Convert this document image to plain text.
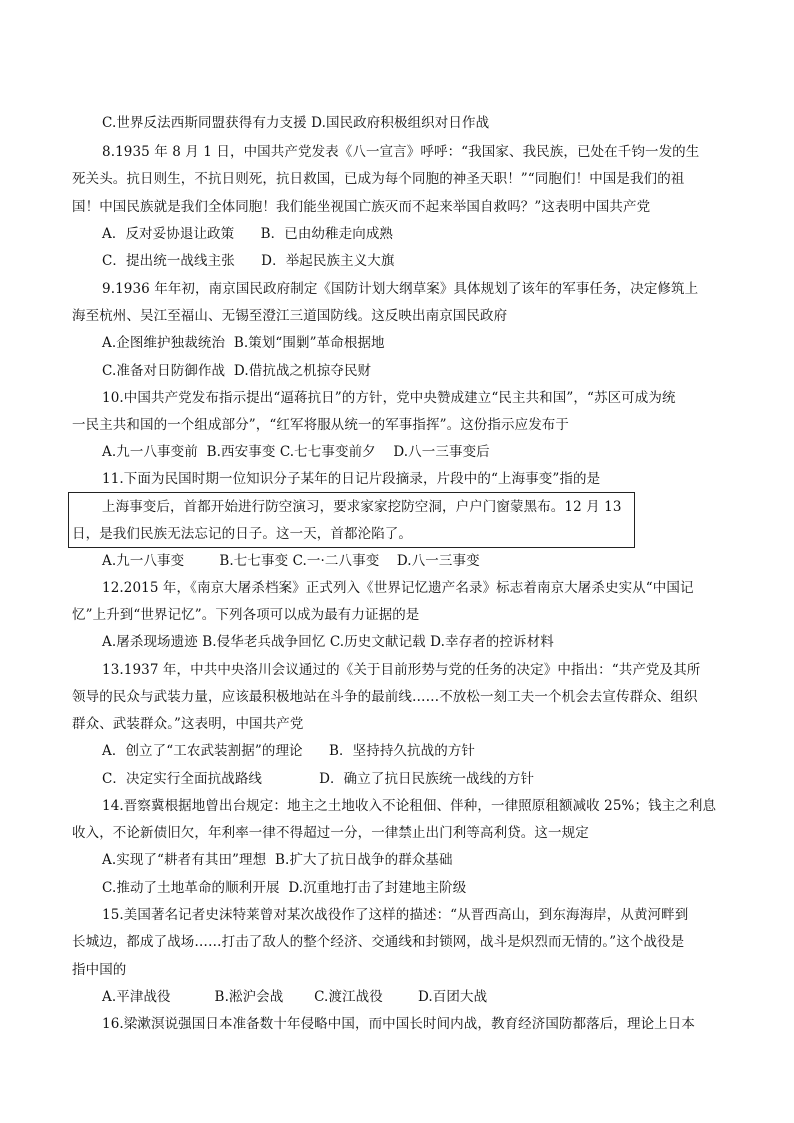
C.世界反法西斯同盟获得有力支援 D.国民政府积极组织对日作战
8.1935 年 8 月 1 日，中国共产党发表《八一宣言》呼呼：“我国家、我民族，已处在千钧一发的生
死关头。抗日则生，不抗日则死，抗日救国，已成为每个同胞的神圣天职！”“同胞们！中国是我们的祖
国！中国民族就是我们全体同胞！我们能坐视国亡族灭而不起来举国自救吗？”这表明中国共产党
A．反对妥协退让政策      B．已由幼稚走向成熟
C．提出统一战线主张      D．举起民族主义大旗
9.1936 年年初，南京国民政府制定《国防计划大纲草案》具体规划了该年的军事任务，决定修筑上
海至杭州、吴江至福山、无锡至澄江三道国防线。这反映出南京国民政府
A.企图维护独裁统治  B.策划“围剿”革命根据地
C.准备对日防御作战  D.借抗战之机掠夺民财
10.中国共产党发布指示提出“逼蒋抗日”的方针，党中央赞成建立“民主共和国”，“苏区可成为统
一民主共和国的一个组成部分”，“红军将服从统一的军事指挥”。这份指示应发布于
A.九一八事变前  B.西安事变 C.七七事变前夕    D.八一三事变后
11.下面为民国时期一位知识分子某年的日记片段摘录，片段中的“上海事变”指的是
上海事变后，首都开始进行防空演习，要求家家挖防空洞，户户门窗蒙黑布。12 月 13
日，是我们民族无法忘记的日子。这一天，首都沦陷了。
A.九一八事变        B.七七事变 C.一·二八事变    D.八一三事变
12.2015 年，《南京大屠杀档案》正式列入《世界记忆遗产名录》标志着南京大屠杀史实从“中国记
忆”上升到“世界记忆”。下列各项可以成为最有力证据的是
A.屠杀现场遗迹 B.侵华老兵战争回忆 C.历史文献记载 D.幸存者的控诉材料
13.1937 年，中共中央洛川会议通过的《关于目前形势与党的任务的决定》中指出：“共产党及其所
领导的民众与武装力量，应该最积极地站在斗争的最前线……不放松一刻工夫一个机会去宣传群众、组织
群众、武装群众。”这表明，中国共产党
A．创立了“工农武装割据”的理论      B．坚持持久抗战的方针
C．决定实行全面抗战路线             D．确立了抗日民族统一战线的方针
14.晋察冀根据地曾出台规定：地主之土地收入不论租佃、伴种，一律照原租额减收 25%；钱主之利息
收入，不论新债旧欠，年利率一律不得超过一分，一律禁止出门利等高利贷。这一规定
A.实现了“耕者有其田”理想  B.扩大了抗日战争的群众基础
C.推动了土地革命的顺利开展  D.沉重地打击了封建地主阶级
15.美国著名记者史沫特莱曾对某次战役作了这样的描述：“从晋西高山，到东海海岸，从黄河畔到
长城边，都成了战场……打击了敌人的整个经济、交通线和封锁网，战斗是炽烈而无情的。”这个战役是
指中国的
A.平津战役          B.淞沪会战       C.渡江战役        D.百团大战
16.梁漱溟说强国日本准备数十年侵略中国，而中国长时间内战，教育经济国防都落后，理论上日本
